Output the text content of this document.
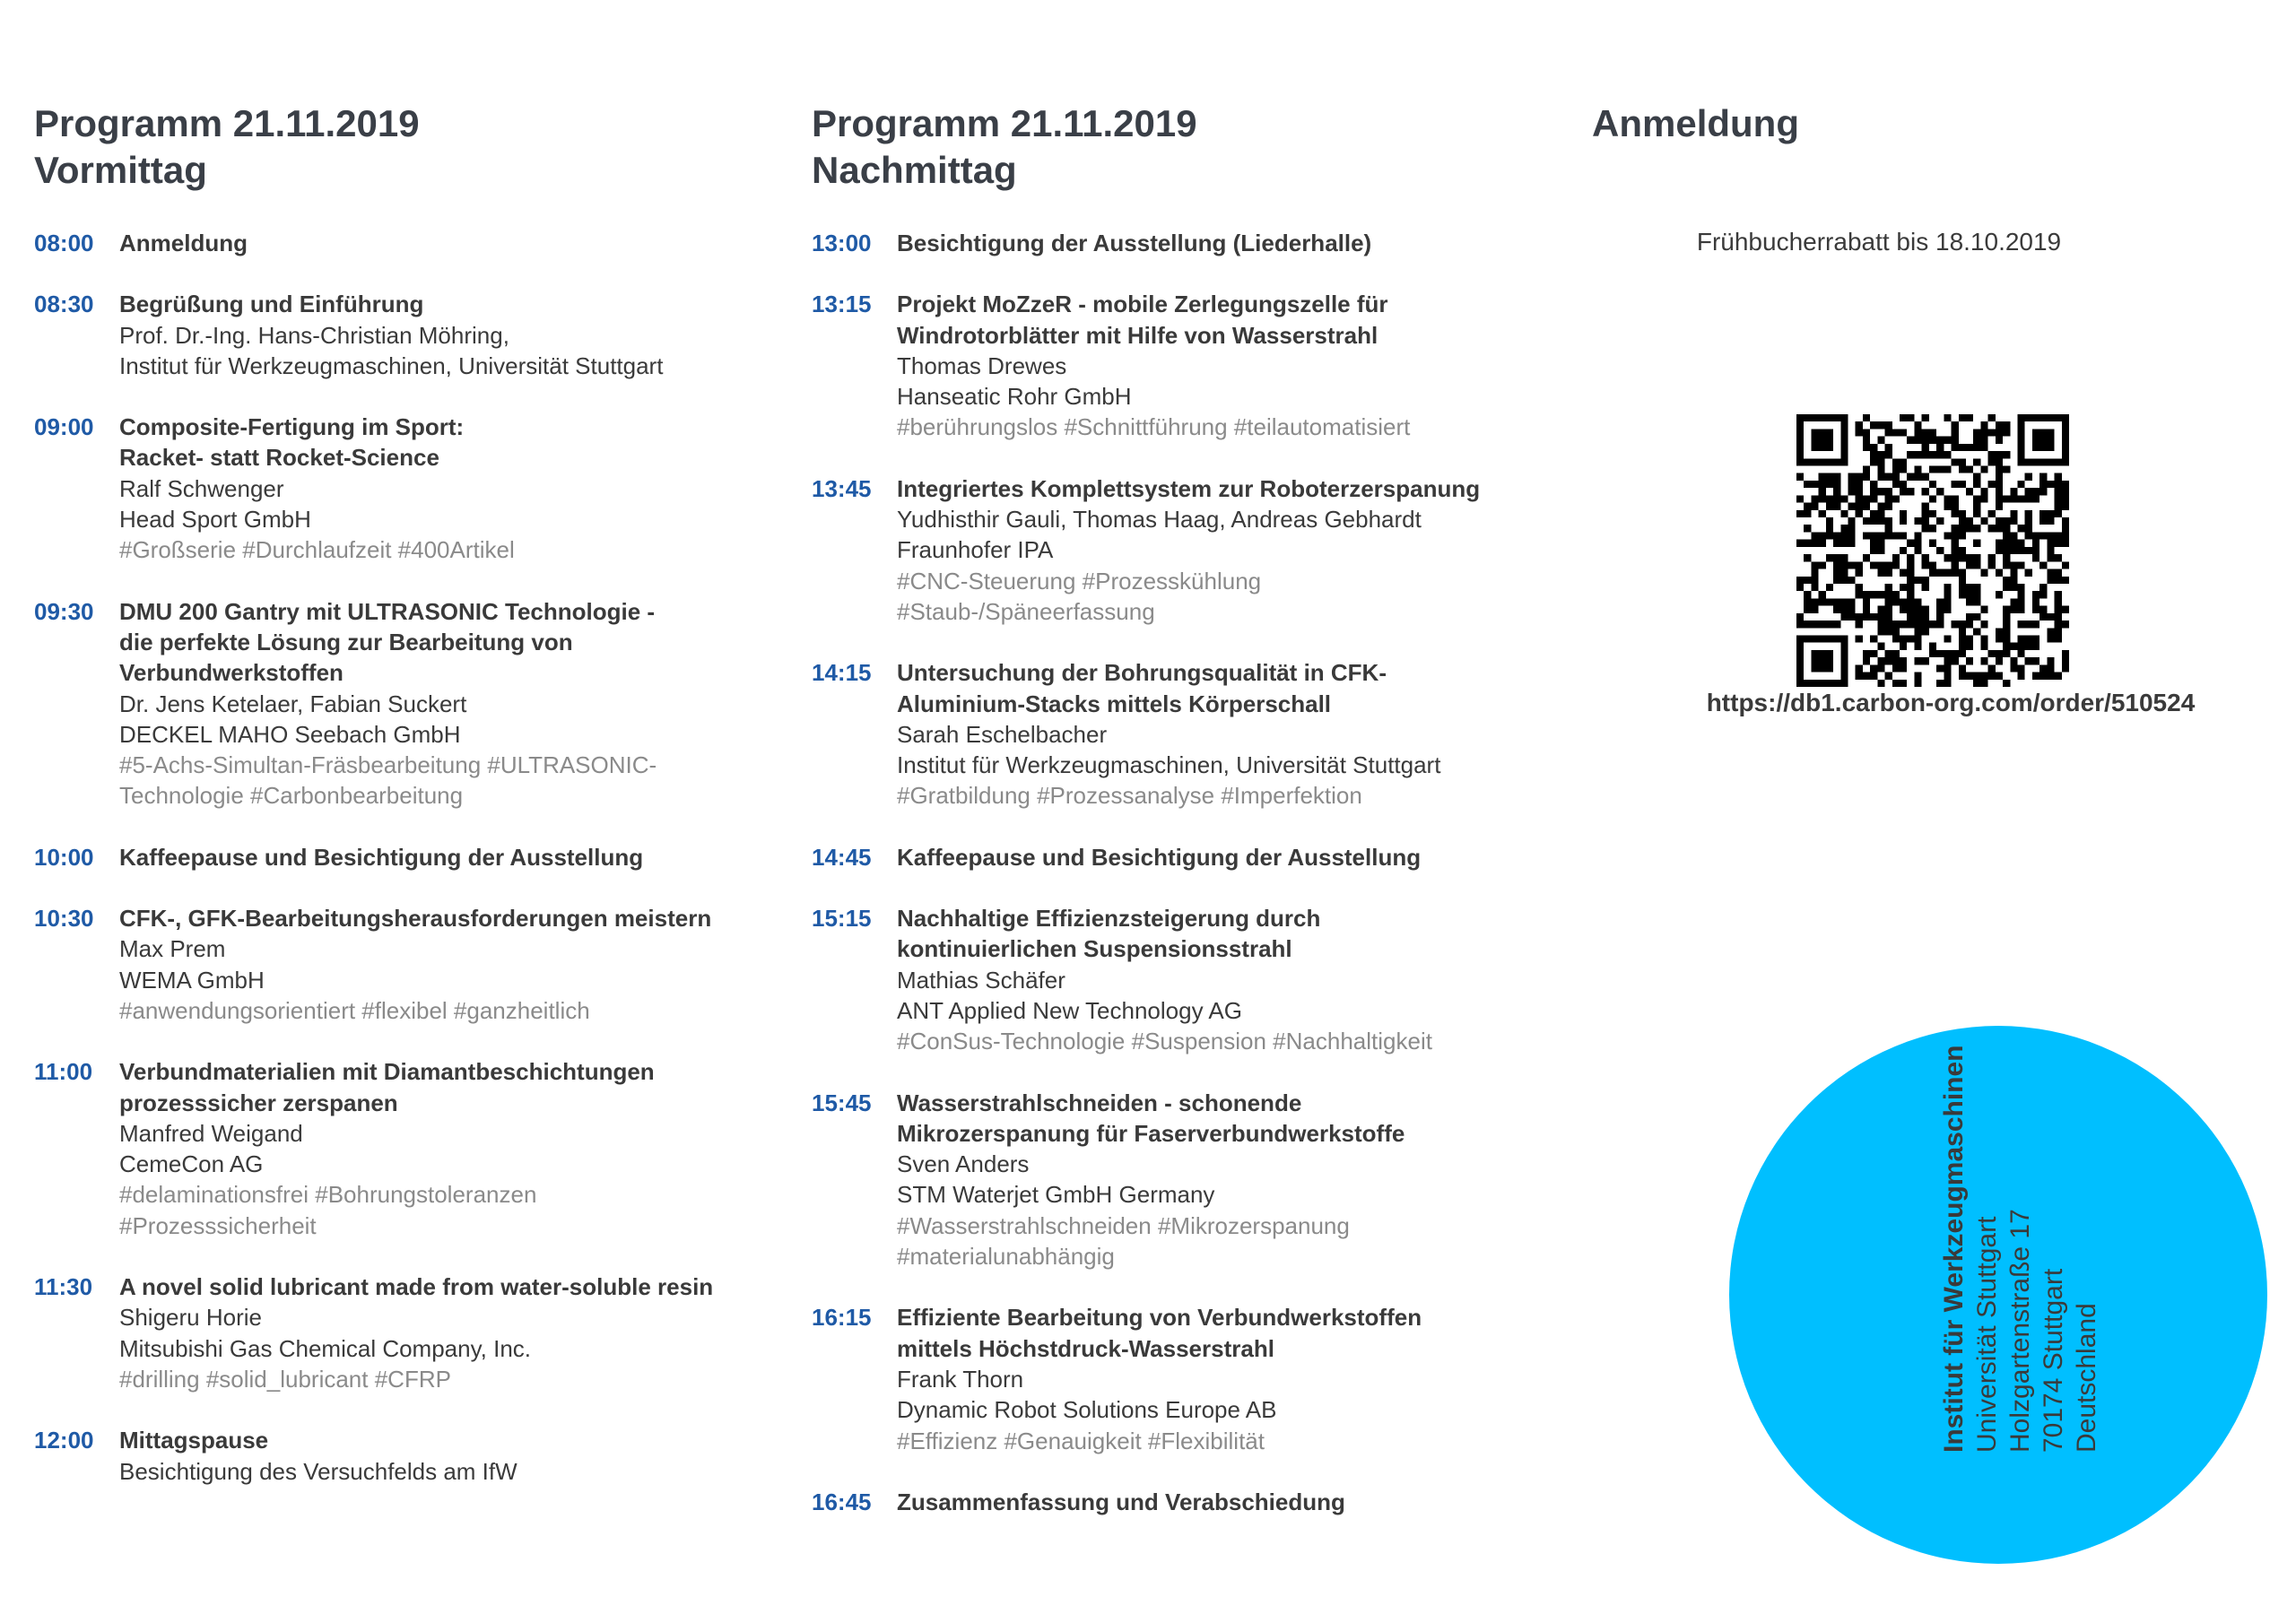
Programm 21.11.2019
Vormittag
08:00	Anmeldung
08:30	Begrüßung und Einführung
Prof. Dr.-Ing. Hans-Christian Möhring,
Institut für Werkzeugmaschinen, Universität Stuttgart
09:00	Composite-Fertigung im Sport:
Racket- statt Rocket-Science
Ralf Schwenger
Head Sport GmbH
#Großserie #Durchlaufzeit #400Artikel
09:30	DMU 200 Gantry mit ULTRASONIC Technologie -
die perfekte Lösung zur Bearbeitung von
Verbundwerkstoffen
Dr. Jens Ketelaer, Fabian Suckert
DECKEL MAHO Seebach GmbH
#5-Achs-Simultan-Fräsbearbeitung #ULTRASONIC-
Technologie #Carbonbearbeitung
10:00	Kaffeepause und Besichtigung der Ausstellung
10:30	CFK-, GFK-Bearbeitungsherausforderungen meistern
Max Prem
WEMA GmbH
#anwendungsorientiert #flexibel #ganzheitlich
11:00	Verbundmaterialien mit Diamantbeschichtungen
prozesssicher zerspanen
Manfred Weigand
CemeCon AG
#delaminationsfrei #Bohrungstoleranzen
#Prozesssicherheit
11:30	A novel solid lubricant made from water-soluble resin
Shigeru Horie
Mitsubishi Gas Chemical Company, Inc.
#drilling #solid_lubricant #CFRP
12:00	Mittagspause
Besichtigung des Versuchfelds am IfW
Programm 21.11.2019
Nachmittag
13:00	Besichtigung der Ausstellung (Liederhalle)
13:15	Projekt MoZzeR - mobile Zerlegungszelle für
Windrotorblätter mit Hilfe von Wasserstrahl
Thomas Drewes
Hanseatic Rohr GmbH
#berührungslos #Schnittführung #teilautomatisiert
13:45	Integriertes Komplettsystem zur Roboterzerspanung
Yudhisthir Gauli, Thomas Haag, Andreas Gebhardt
Fraunhofer IPA
#CNC-Steuerung #Prozesskühlung
#Staub-/Späneerfassung
14:15	Untersuchung der Bohrungsqualität in CFK-
Aluminium-Stacks mittels Körperschall
Sarah Eschelbacher
Institut für Werkzeugmaschinen, Universität Stuttgart
#Gratbildung #Prozessanalyse #Imperfektion
14:45	Kaffeepause und Besichtigung der Ausstellung
15:15	Nachhaltige Effizienzsteigerung durch
kontinuierlichen Suspensionsstrahl
Mathias Schäfer
ANT Applied New Technology AG
#ConSus-Technologie #Suspension #Nachhaltigkeit
15:45	Wasserstrahlschneiden - schonende
Mikrozerspanung für Faserverbundwerkstoffe
Sven Anders
STM Waterjet GmbH Germany
#Wasserstrahlschneiden #Mikrozerspanung
#materialunabhängig
16:15	Effiziente Bearbeitung von Verbundwerkstoffen
mittels Höchstdruck-Wasserstrahl
Frank Thorn
Dynamic Robot Solutions Europe AB
#Effizienz #Genauigkeit #Flexibilität
16:45	Zusammenfassung und Verabschiedung
Anmeldung
Frühbucherrabatt bis 18.10.2019
https://db1.carbon-org.com/order/510524
Institut für Werkzeugmaschinen Universität Stuttgart Holzgartenstraße 17 70174 Stuttgart Deutschland
